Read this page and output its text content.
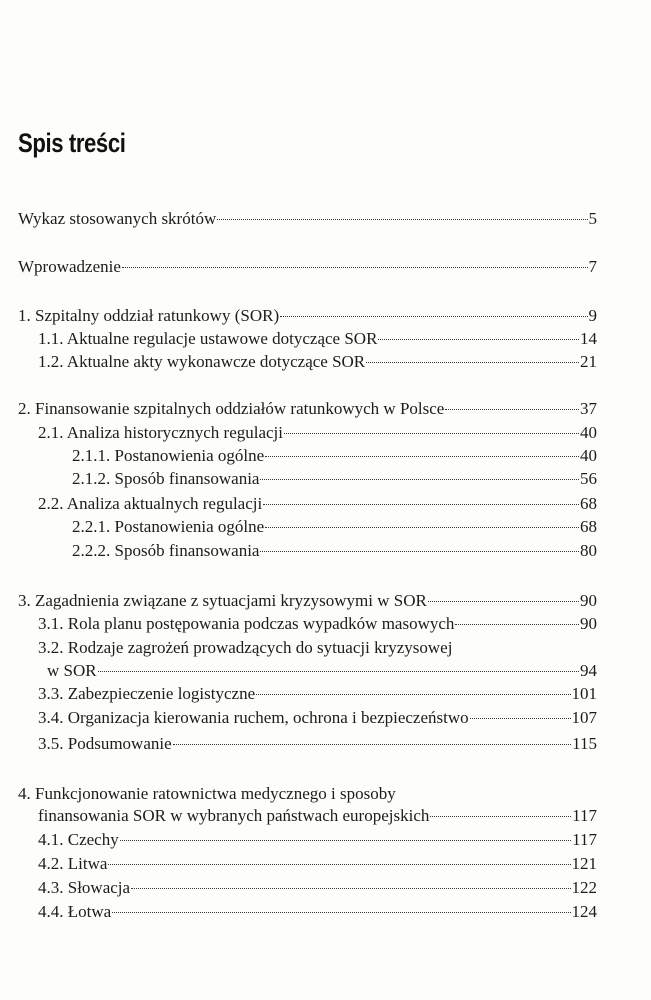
Spis treści
Wykaz stosowanych skrótów	5
Wprowadzenie	7
1. Szpitalny oddział ratunkowy (SOR)	9
1.1. Aktualne regulacje ustawowe dotyczące SOR	14
1.2. Aktualne akty wykonawcze dotyczące SOR	21
2. Finansowanie szpitalnych oddziałów ratunkowych w Polsce	37
2.1. Analiza historycznych regulacji	40
2.1.1. Postanowienia ogólne	40
2.1.2. Sposób finansowania	56
2.2. Analiza aktualnych regulacji	68
2.2.1. Postanowienia ogólne	68
2.2.2. Sposób finansowania	80
3. Zagadnienia związane z sytuacjami kryzysowymi w SOR	90
3.1. Rola planu postępowania podczas wypadków masowych	90
3.2. Rodzaje zagrożeń prowadzących do sytuacji kryzysowej
w SOR	94
3.3. Zabezpieczenie logistyczne	101
3.4. Organizacja kierowania ruchem, ochrona i bezpieczeństwo	107
3.5. Podsumowanie	115
4. Funkcjonowanie ratownictwa medycznego i sposoby
finansowania SOR w wybranych państwach europejskich	117
4.1. Czechy	117
4.2. Litwa	121
4.3. Słowacja	122
4.4. Łotwa	124
